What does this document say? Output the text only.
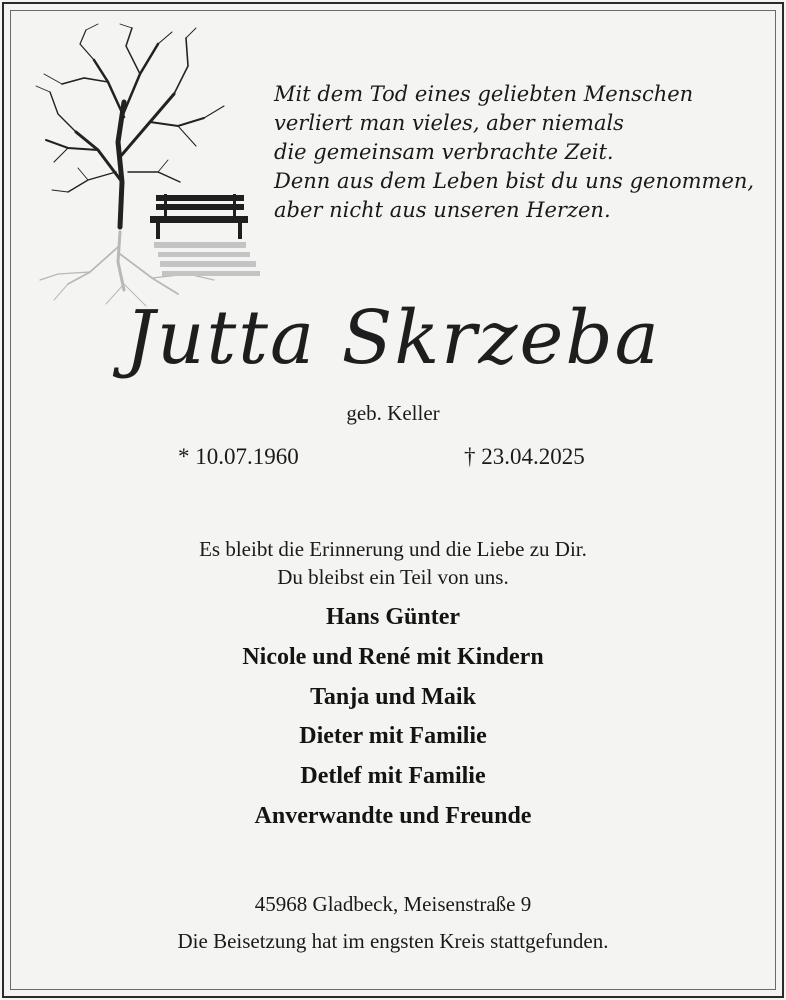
Mit dem Tod eines geliebten Menschen
verliert man vieles, aber niemals
die gemeinsam verbrachte Zeit.
Denn aus dem Leben bist du uns genommen,
aber nicht aus unseren Herzen.
Jutta Skrzeba
geb. Keller
* 10.07.1960	† 23.04.2025
Es bleibt die Erinnerung und die Liebe zu Dir.
Du bleibst ein Teil von uns.
Hans Günter
Nicole und René mit Kindern
Tanja und Maik
Dieter mit Familie
Detlef mit Familie
Anverwandte und Freunde
45968 Gladbeck, Meisenstraße 9
Die Beisetzung hat im engsten Kreis stattgefunden.
